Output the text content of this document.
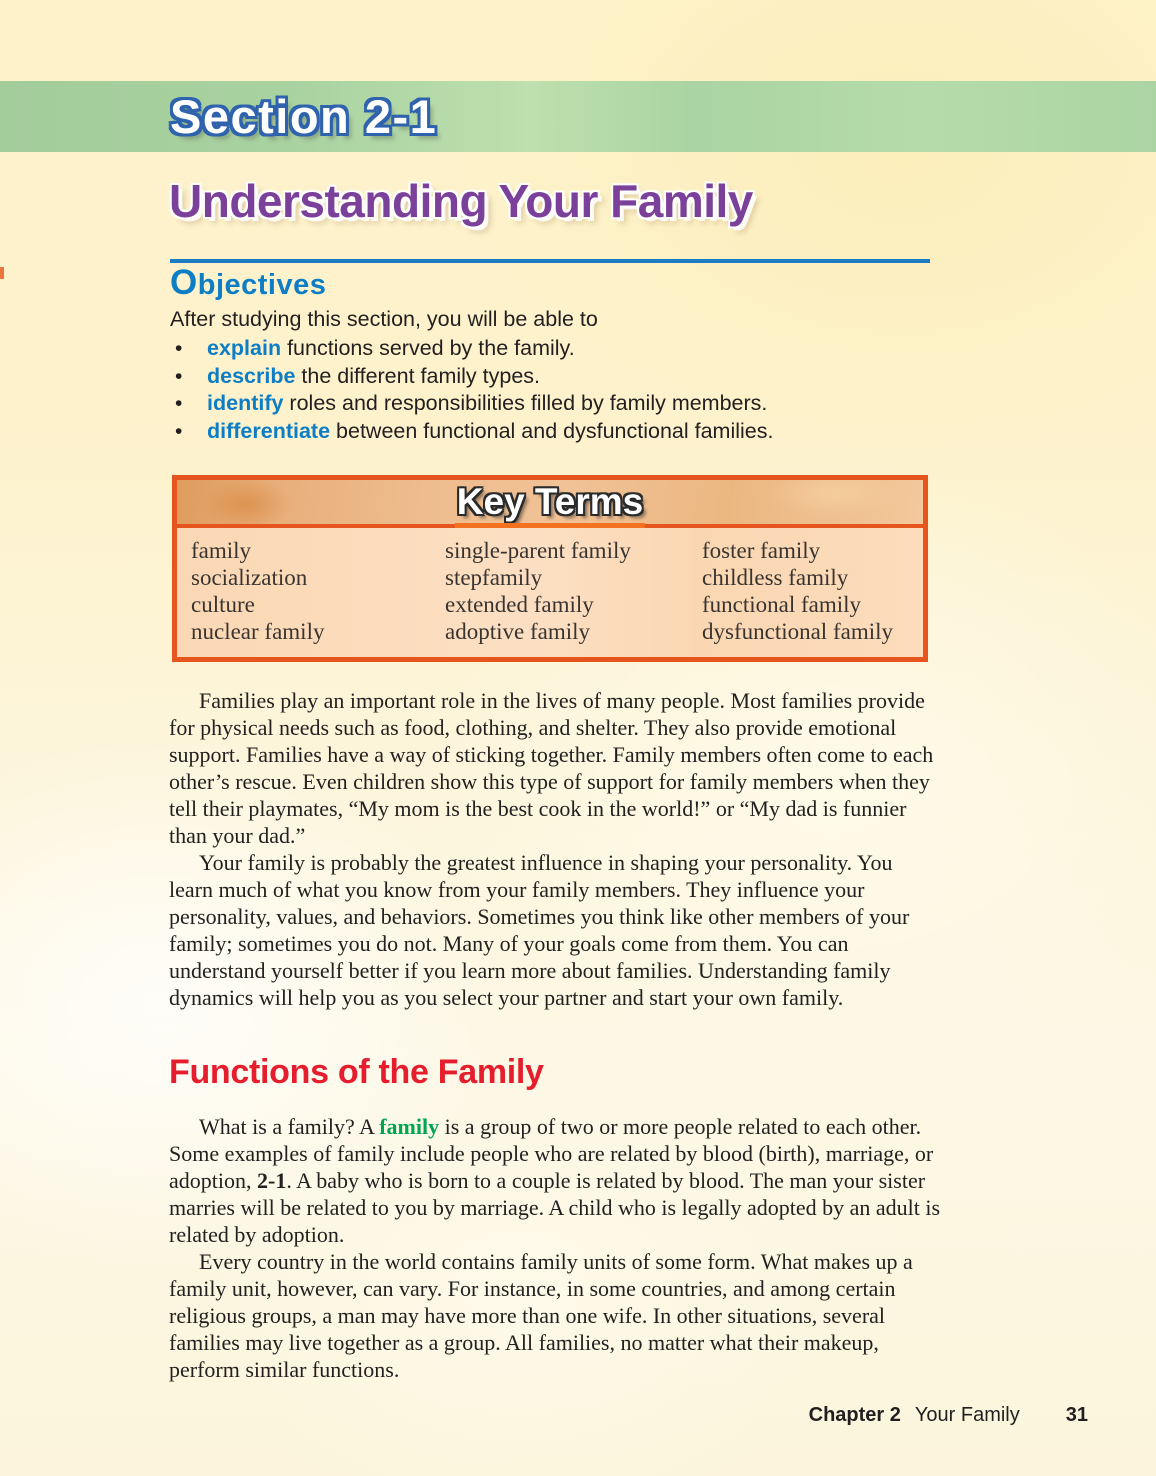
Section 2-1
Understanding Your Family
Objectives

After studying this section, you will be able to

• explain functions served by the family.
• describe the different family types.
• identify roles and responsibilities filled by family members.
• differentiate between functional and dysfunctional families.
Key Terms
family
socialization
culture
nuclear family
single-parent family
stepfamily
extended family
adoptive family
foster family
childless family
functional family
dysfunctional family

Families play an important role in the lives of many people. Most families provide for physical needs such as food, clothing, and shelter. They also provide emotional support. Families have a way of sticking together. Family members often come to each other’s rescue. Even children show this type of support for family members when they tell their playmates, “My mom is the best cook in the world!” or “My dad is funnier than your dad.”

Your family is probably the greatest influence in shaping your personality. You learn much of what you know from your family members. They influence your personality, values, and behaviors. Sometimes you think like other members of your family; sometimes you do not. Many of your goals come from them. You can understand yourself better if you learn more about families. Understanding family dynamics will help you as you select your partner and start your own family.

Functions of the Family

What is a family? A family is a group of two or more people related to each other. Some examples of family include people who are related by blood (birth), marriage, or adoption, 2-1. A baby who is born to a couple is related by blood. The man your sister marries will be related to you by marriage. A child who is legally adopted by an adult is related by adoption.

Every country in the world contains family units of some form. What makes up a family unit, however, can vary. For instance, in some countries, and among certain religious groups, a man may have more than one wife. In other situations, several families may live together as a group. All families, no matter what their makeup, perform similar functions.

Chapter 2 Your Family 31
